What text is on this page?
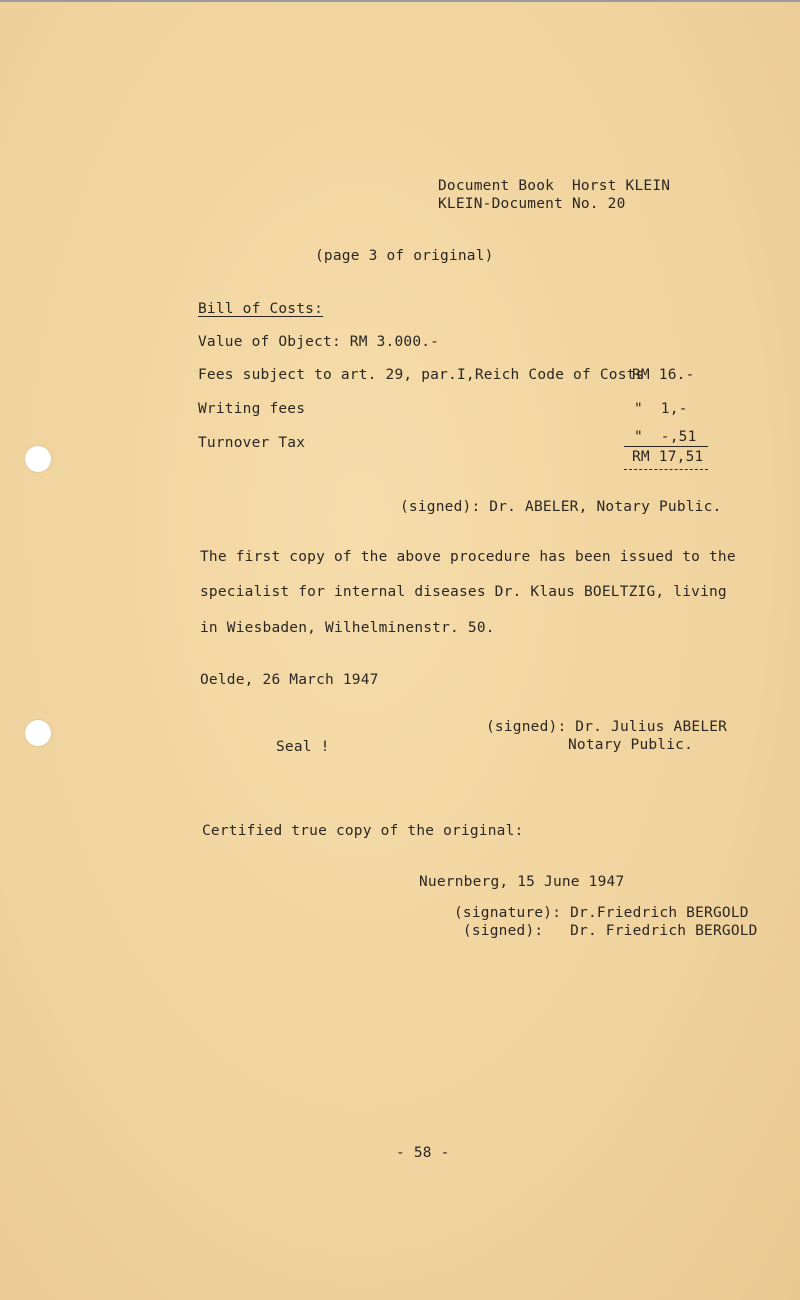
Document Book  Horst KLEIN
KLEIN-Document No. 20
(page 3 of original)
Bill of Costs:
Value of Object: RM 3.000.-
Fees subject to art. 29, par.I,Reich Code of Costs
RM 16.-
Writing fees	"  1,-
Turnover Tax	"  -,51
RM 17,51
(signed): Dr. ABELER, Notary Public.
The first copy of the above procedure has been issued to the
specialist for internal diseases Dr. Klaus BOELTZIG, living
in Wiesbaden, Wilhelminenstr. 50.
Oelde, 26 March 1947
(signed): Dr. Julius ABELER
Notary Public.
Seal !
Certified true copy of the original:
Nuernberg, 15 June 1947
(signature): Dr.Friedrich BERGOLD
(signed):   Dr. Friedrich BERGOLD
- 58 -
